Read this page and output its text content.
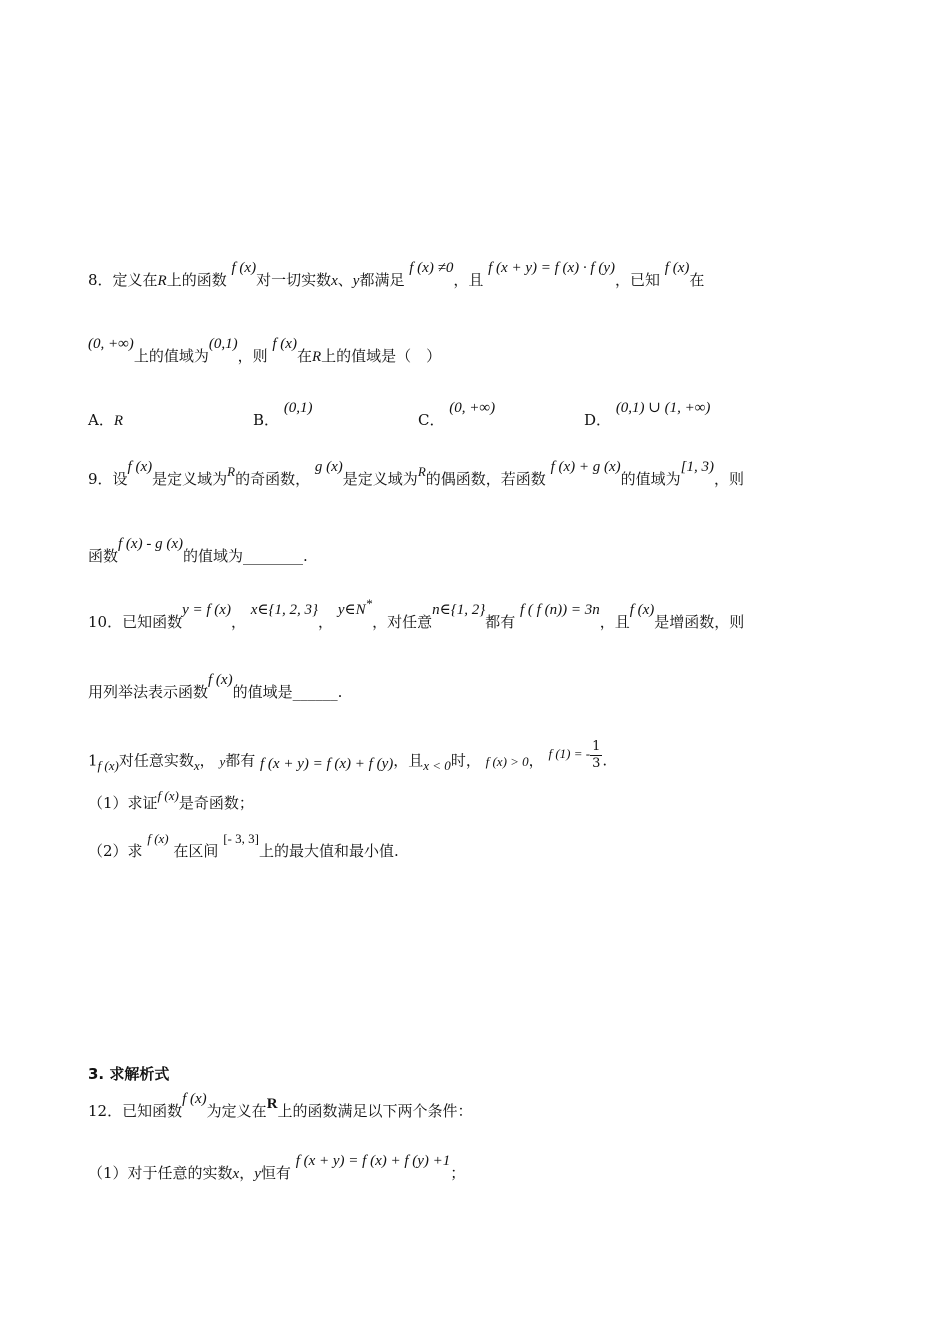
8．定义在R上的函数 f (x)对一切实数x、y都满足 f (x) ≠0，且 f (x + y) = f (x) · f (y)，已知 f (x)在
(0, +∞)上的值域为(0,1)，则 f (x)在R上的值域是（　）
A．R	B． (0,1)
C． (0, +∞)
D． (0,1) ∪ (1, +∞)
9．设f (x)是定义域为R的奇函数， g (x)是定义域为R的偶函数，若函数 f (x) + g (x)的值域为[1, 3)，则
函数f (x) - g (x)的值域为________.
10．已知函数y = f (x)， x∈{1, 2, 3}， y∈N*，对任意n∈{1, 2}都有 f ( f (n)) = 3n，且f (x)是增函数，则
用列举法表示函数f (x)的值域是______.
1f (x)对任意实数x， y都有 f (x + y) = f (x) + f (y)，且x < 0时， f (x) > 0， f (1) = - $\frac{1}{3}$ .
（1）求证f (x)是奇函数；
（2）求 f (x) 在区间 [- 3, 3]上的最大值和最小值.
3. 求解析式
12．已知函数f (x)为定义在R上的函数满足以下两个条件：
（1）对于任意的实数x，y恒有 f (x + y) = f (x) + f (y) +1；
